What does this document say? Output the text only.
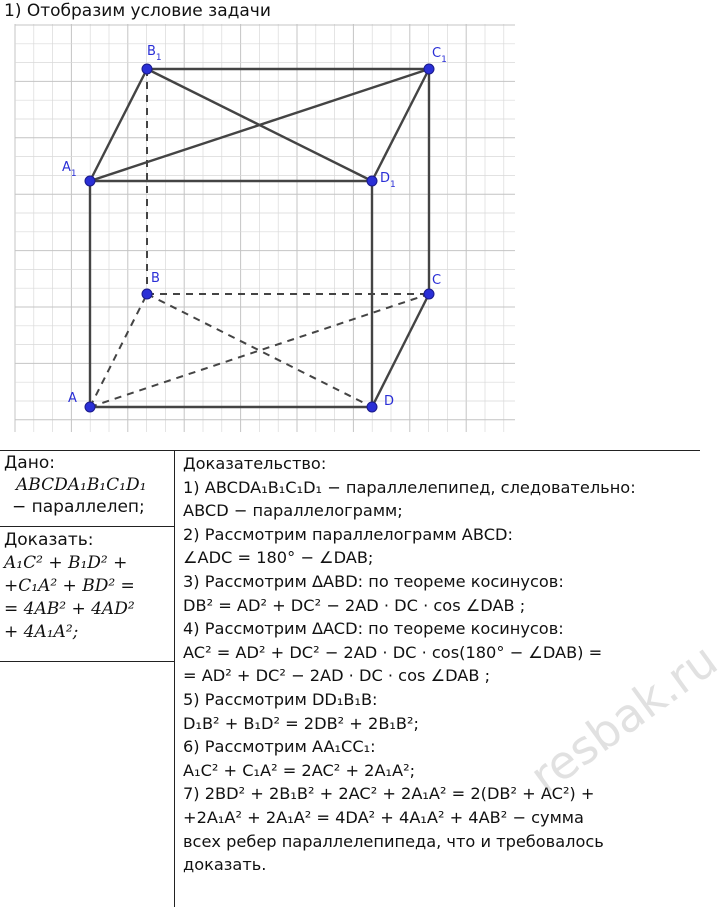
1) Отобразим условие задачи
A
B	C
D
$A_1$
$B_1$	$C_1$
$D_1$
Дано:
ABCDA₁B₁C₁D₁
− параллелеп;
Доказать:
A₁C² + B₁D² +
+C₁A² + BD² =
= 4AB² + 4AD²
+ 4A₁A²;
Доказательство:
1) ABCDA₁B₁C₁D₁ − параллелепипед, следовательно:
ABCD − параллелограмм;
2) Рассмотрим параллелограмм ABCD:
∠ADC = 180° − ∠DAB;
3) Рассмотрим ΔABD: по теореме косинусов:
DB² = AD² + DC² − 2AD · DC · cos ∠DAB ;
4) Рассмотрим ΔACD: по теореме косинусов:
AC² = AD² + DC² − 2AD · DC · cos(180° − ∠DAB) =
= AD² + DC² − 2AD · DC · cos ∠DAB ;
5) Рассмотрим DD₁B₁B:
D₁B² + B₁D² = 2DB² + 2B₁B²;
6) Рассмотрим AA₁CC₁:
A₁C² + C₁A² = 2AC² + 2A₁A²;
7) 2BD² + 2B₁B² + 2AC² + 2A₁A² = 2(DB² + AC²) +
+2A₁A² + 2A₁A² = 4DA² + 4A₁A² + 4AB² − сумма
всех ребер параллелепипеда, что и требовалось
доказать.
resbak.ru
